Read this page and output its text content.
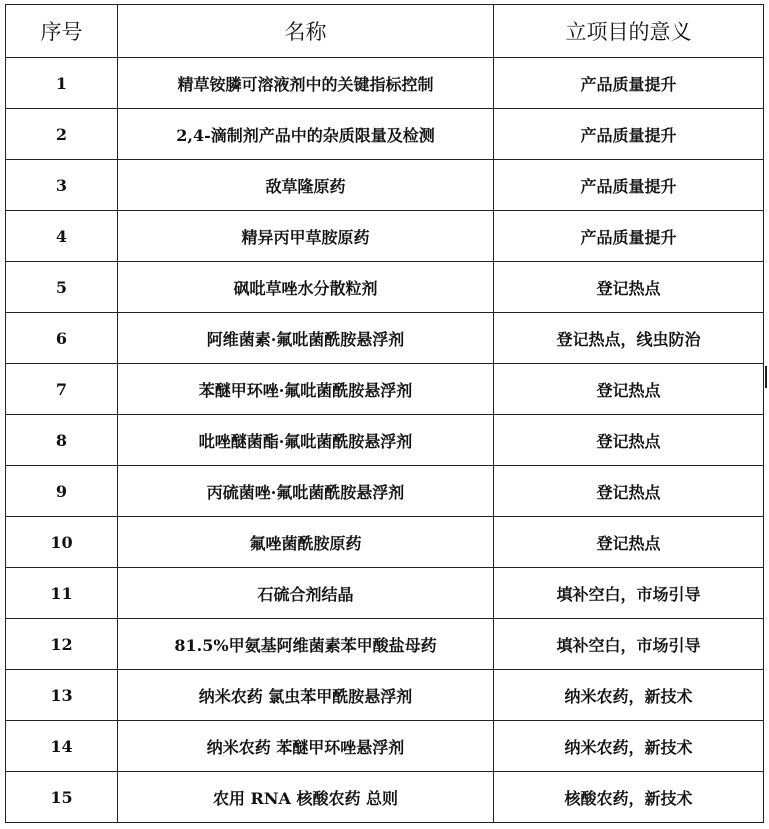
序号	名称	立项目的意义
1	精草铵膦可溶液剂中的关键指标控制	产品质量提升
2	2,4-滴制剂产品中的杂质限量及检测	产品质量提升
3	敌草隆原药	产品质量提升
4	精异丙甲草胺原药	产品质量提升
5	砜吡草唑水分散粒剂	登记热点
6	阿维菌素·氟吡菌酰胺悬浮剂	登记热点，线虫防治
7	苯醚甲环唑·氟吡菌酰胺悬浮剂	登记热点
8	吡唑醚菌酯·氟吡菌酰胺悬浮剂	登记热点
9	丙硫菌唑·氟吡菌酰胺悬浮剂	登记热点
10	氟唑菌酰胺原药	登记热点
11	石硫合剂结晶	填补空白，市场引导
12	81.5%甲氨基阿维菌素苯甲酸盐母药	填补空白，市场引导
13	纳米农药 氯虫苯甲酰胺悬浮剂	纳米农药，新技术
14	纳米农药 苯醚甲环唑悬浮剂	纳米农药，新技术
15	农用 RNA 核酸农药 总则	核酸农药，新技术
